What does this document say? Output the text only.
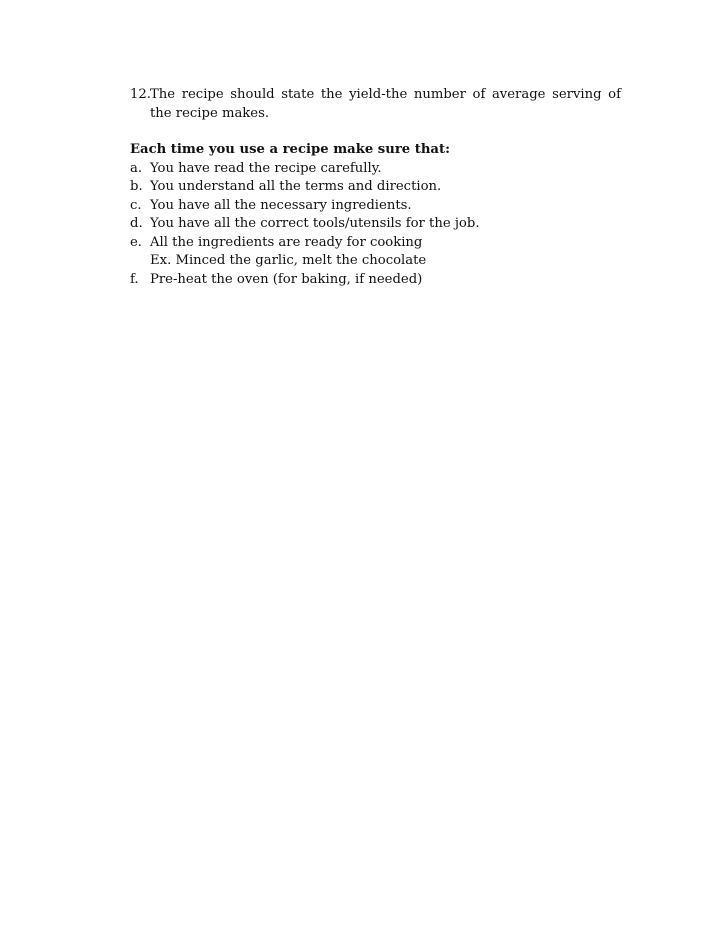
12. The recipe should state the yield-the number of average serving of the recipe makes.
Each time you use a recipe make sure that:
a. You have read the recipe carefully.
b. You understand all the terms and direction.
c. You have all the necessary ingredients.
d. You have all the correct tools/utensils for the job.
e. All the ingredients are ready for cooking
Ex. Minced the garlic, melt the chocolate
f. Pre-heat the oven (for baking, if needed)
